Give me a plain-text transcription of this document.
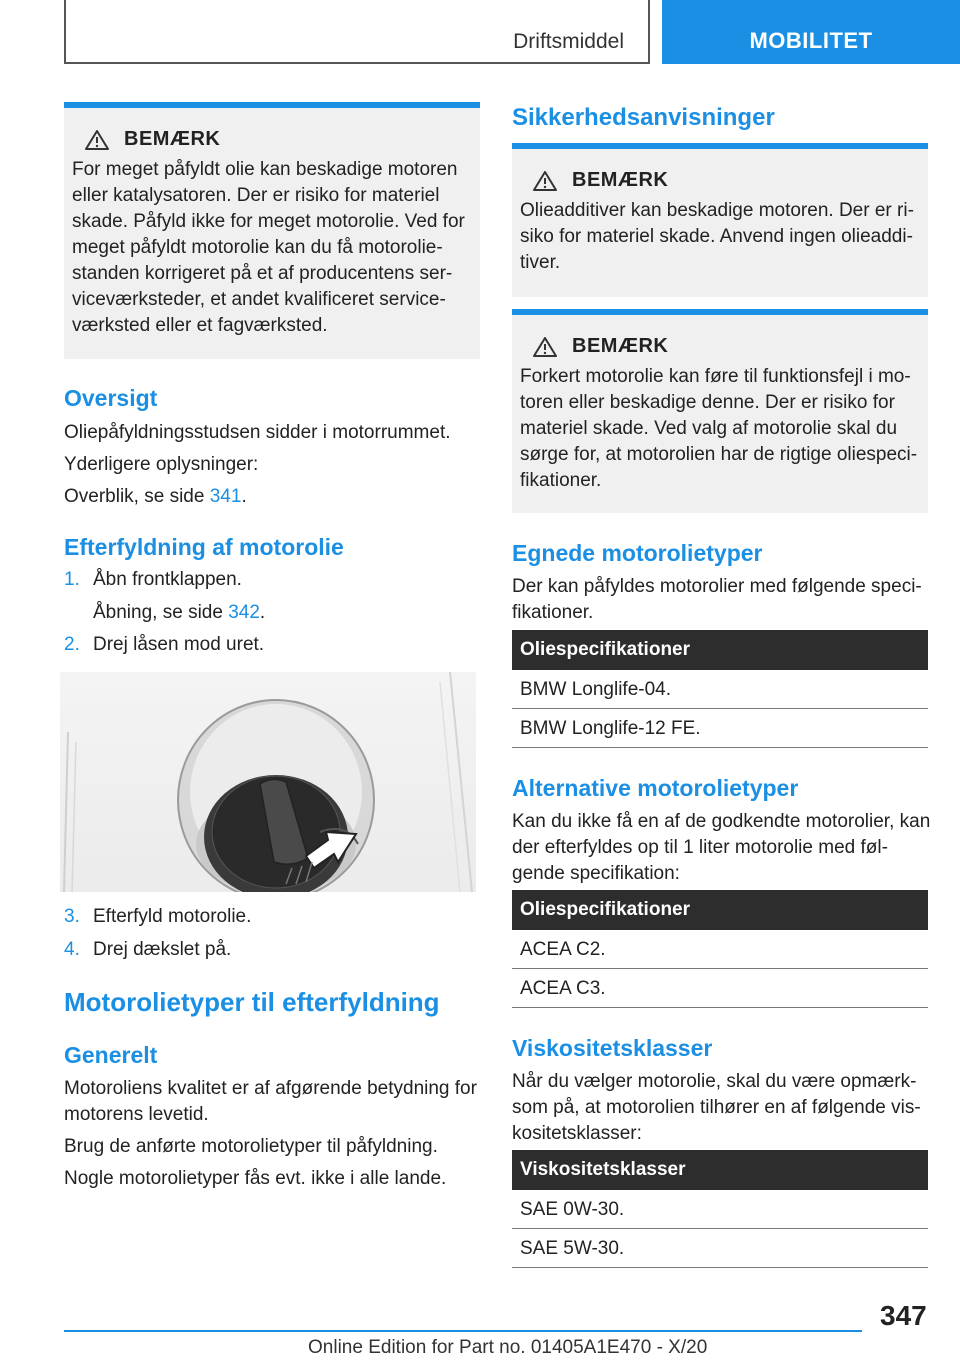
Driftsmiddel	MOBILITET
BEMÆRK
For meget påfyldt olie kan beskadige motoren eller katalysatoren. Der er risiko for materiel skade. Påfyld ikke for meget motorolie. Ved for meget påfyldt motorolie kan du få motoroliestanden korrigeret på et af producentens serviceværksteder, et andet kvalificeret serviceværksted eller et fagværksted.
Oversigt
Oliepåfyldningsstudsen sidder i motorrummet.
Yderligere oplysninger:
Overblik, se side 341.
Efterfyldning af motorolie
1. Åbn frontklappen.
Åbning, se side 342.
2. Drej låsen mod uret.
3. Efterfyld motorolie.
4. Drej dækslet på.
Motorolietyper til efterfyldning
Generelt
Motoroliens kvalitet er af afgørende betydning for motorens levetid.
Brug de anførte motorolietyper til påfyldning.
Nogle motorolietyper fås evt. ikke i alle lande.
Sikkerhedsanvisninger
BEMÆRK
Olieadditiver kan beskadige motoren. Der er risiko for materiel skade. Anvend ingen olieadditiver.
BEMÆRK
Forkert motorolie kan føre til funktionsfejl i motoren eller beskadige denne. Der er risiko for materiel skade. Ved valg af motorolie skal du sørge for, at motorolien har de rigtige oliespecifikationer.
Egnede motorolietyper
Der kan påfyldes motorolier med følgende specifikationer.
Oliespecifikationer
BMW Longlife-04.
BMW Longlife-12 FE.
Alternative motorolietyper
Kan du ikke få en af de godkendte motorolier, kan der efterfyldes op til 1 liter motorolie med følgende specifikation:
Oliespecifikationer
ACEA C2.
ACEA C3.
Viskositetsklasser
Når du vælger motorolie, skal du være opmærksom på, at motorolien tilhører en af følgende viskositetsklasser:
Viskositetsklasser
SAE 0W-30.
SAE 5W-30.
347
Online Edition for Part no. 01405A1E470 - X/20
